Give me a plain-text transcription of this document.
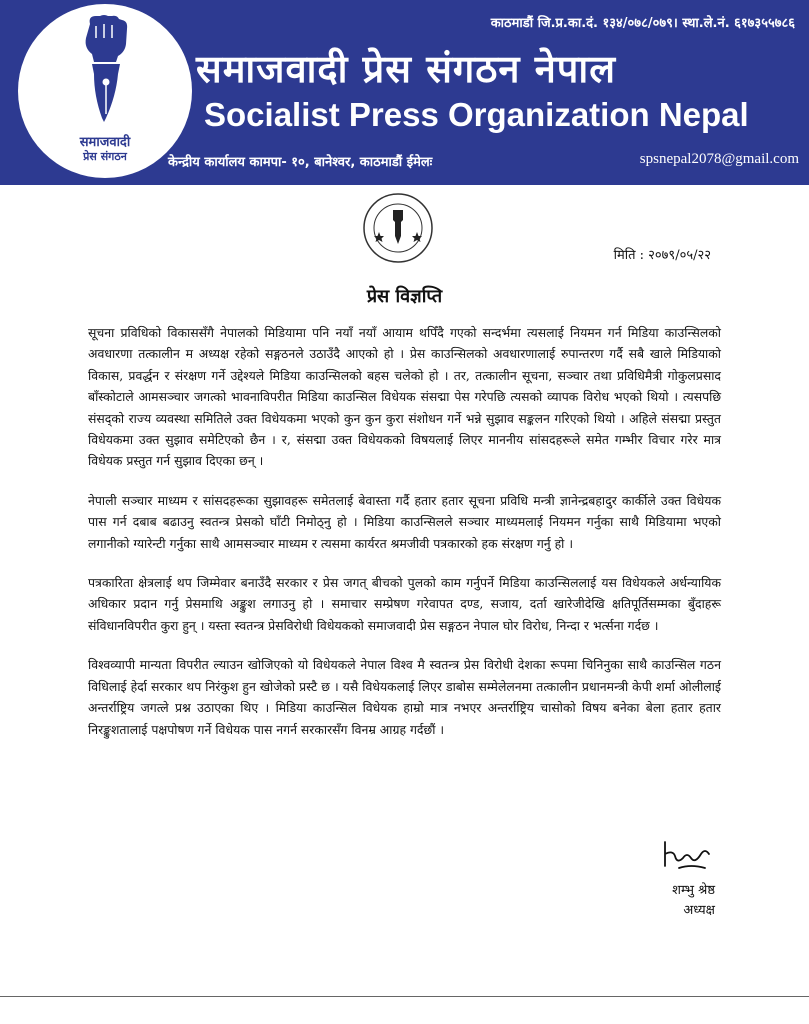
समाजवादी
प्रेस संगठन
काठमाडौं जि.प्र.का.दं. १३४/०७८/०७९। स्था.ले.नं. ६१७३५५७८६
समाजवादी प्रेस संगठन नेपाल
Socialist Press Organization Nepal
केन्द्रीय कार्यालय कामपा- १०, बानेश्वर, काठमाडौं ईमेलः	spsnepal2078@gmail.com
मिति : २०७९/०५/२२
प्रेस विज्ञप्ति

सूचना प्रविधिको विकाससँगै नेपालको मिडियामा पनि नयाँ नयाँ आयाम थपिँदै गएको सन्दर्भमा त्यसलाई नियमन गर्न मिडिया काउन्सिलको अवधारणा तत्कालीन म अध्यक्ष रहेको सङ्गठनले उठाउँदै आएको हो । प्रेस काउन्सिलको अवधारणालाई रुपान्तरण गर्दै सबै खाले मिडियाको विकास, प्रवर्द्धन र संरक्षण गर्ने उद्देश्यले मिडिया काउन्सिलको बहस चलेको हो । तर, तत्कालीन सूचना, सञ्चार तथा प्रविधिमैत्री गोकुलप्रसाद बाँस्कोटाले आमसञ्चार जगत्को भावनाविपरीत मिडिया काउन्सिल विधेयक संसद्मा पेस गरेपछि त्यसको व्यापक विरोध भएको थियो । त्यसपछि संसद्को राज्य व्यवस्था समितिले उक्त विधेयकमा भएको कुन कुन कुरा संशोधन गर्ने भन्ने सुझाव सङ्कलन गरिएको थियो । अहिले संसद्मा प्रस्तुत विधेयकमा उक्त सुझाव समेटिएको छैन । र, संसद्मा उक्त विधेयकको विषयलाई लिएर माननीय सांसदहरूले समेत गम्भीर विचार गरेर मात्र विधेयक प्रस्तुत गर्न सुझाव दिएका छन् ।

नेपाली सञ्चार माध्यम र सांसदहरूका सुझावहरू समेतलाई बेवास्ता गर्दै हतार हतार सूचना प्रविधि मन्त्री ज्ञानेन्द्रबहादुर कार्कीले उक्त विधेयक पास गर्न दबाब बढाउनु स्वतन्त्र प्रेसको घाँटी निमोठ्नु हो । मिडिया काउन्सिलले सञ्चार माध्यमलाई नियमन गर्नुका साथै मिडियामा भएको लगानीको ग्यारेन्टी गर्नुका साथै आमसञ्चार माध्यम र त्यसमा कार्यरत श्रमजीवी पत्रकारको हक संरक्षण गर्नु हो ।

पत्रकारिता क्षेत्रलाई थप जिम्मेवार बनाउँदै सरकार र प्रेस जगत् बीचको पुलको काम गर्नुपर्ने मिडिया काउन्सिललाई यस विधेयकले अर्धन्यायिक अधिकार प्रदान गर्नु प्रेसमाथि अङ्कुश लगाउनु हो । समाचार सम्प्रेषण गरेवापत दण्ड, सजाय, दर्ता खारेजीदेखि क्षतिपूर्तिसम्मका बुँदाहरू संविधानविपरीत कुरा हुन् । यस्ता स्वतन्त्र प्रेसविरोधी विधेयकको समाजवादी प्रेस सङ्गठन नेपाल घोर विरोध, निन्दा र भर्त्सना गर्दछ ।

विश्वव्यापी मान्यता विपरीत ल्याउन खोजिएको यो विधेयकले नेपाल विश्व मै स्वतन्त्र प्रेस विरोधी देशका रूपमा चिनिनुका साथै काउन्सिल गठन विधिलाई हेर्दा सरकार थप निरंकुश हुन खोजेको प्रस्टै छ । यसै विधेयकलाई लिएर डाबोस सम्मेलेलनमा तत्कालीन प्रधानमन्त्री केपी शर्मा ओलीलाई अन्तर्राष्ट्रिय जगत्ले प्रश्न उठाएका थिए । मिडिया काउन्सिल विधेयक हाम्रो मात्र नभएर अन्तर्राष्ट्रिय चासोको विषय बनेका बेला हतार हतार निरङ्कुशतालाई पक्षपोषण गर्ने विधेयक पास नगर्न सरकारसँग विनम्र आग्रह गर्दछौं ।

शम्भु श्रेष्ठ
अध्यक्ष
